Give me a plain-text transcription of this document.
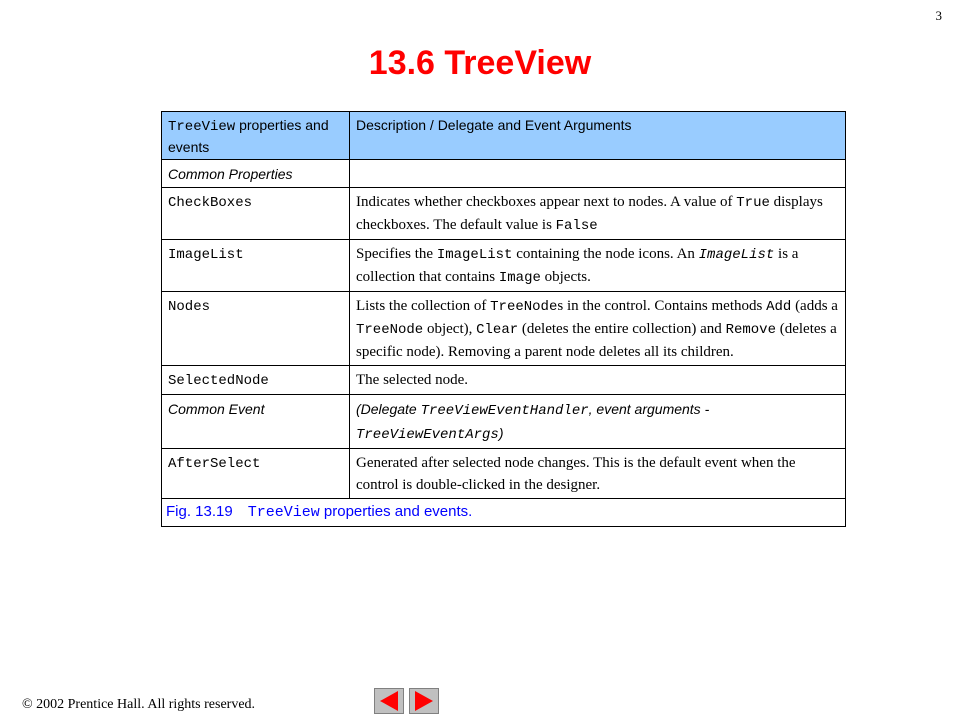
3
13.6 TreeView
TreeView properties and events	Description / Delegate and Event Arguments
Common Properties	
CheckBoxes	Indicates whether checkboxes appear next to nodes. A value of True displays checkboxes. The default value is False
ImageList	Specifies the ImageList containing the node icons. An ImageList is a collection that contains Image objects.
Nodes	Lists the collection of TreeNodes in the control. Contains methods Add (adds a TreeNode object), Clear (deletes the entire collection) and Remove (deletes a specific node). Removing a parent node deletes all its children.
SelectedNode	The selected node.
Common Event	(Delegate TreeViewEventHandler, event arguments - TreeViewEventArgs)
AfterSelect	Generated after selected node changes. This is the default event when the control is double-clicked in the designer.
Fig. 13.19 TreeView properties and events.	
© 2002 Prentice Hall. All rights reserved.
